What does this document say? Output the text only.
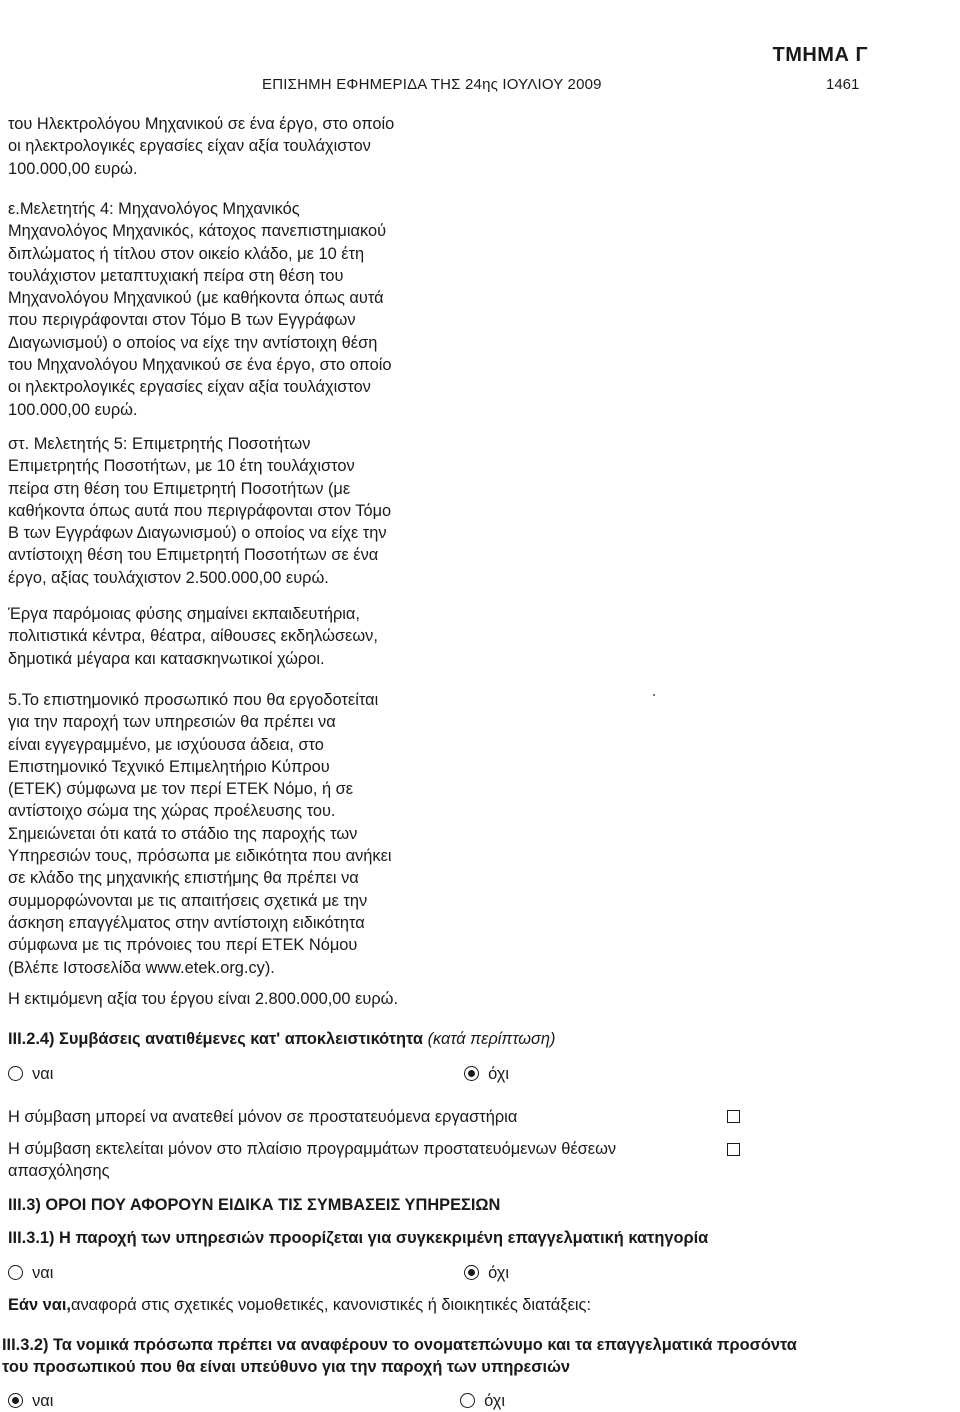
ΤΜΗΜΑ Γ
ΕΠΙΣΗΜΗ ΕΦΗΜΕΡΙΔΑ ΤΗΣ 24ης ΙΟΥΛΙΟΥ 2009	1461
του Ηλεκτρολόγου Μηχανικού σε ένα έργο, στο οποίο
οι ηλεκτρολογικές εργασίες είχαν αξία τουλάχιστον
100.000,00 ευρώ.
ε.Μελετητής 4: Μηχανολόγος Μηχανικός
Μηχανολόγος Μηχανικός, κάτοχος πανεπιστημιακού
διπλώματος ή τίτλου στον οικείο κλάδο, με 10 έτη
τουλάχιστον μεταπτυχιακή πείρα στη θέση του
Μηχανολόγου Μηχανικού (με καθήκοντα όπως αυτά
που περιγράφονται στον Τόμο Β των Εγγράφων
Διαγωνισμού) ο οποίος να είχε την αντίστοιχη θέση
του Μηχανολόγου Μηχανικού σε ένα έργο, στο οποίο
οι ηλεκτρολογικές εργασίες είχαν αξία τουλάχιστον
100.000,00 ευρώ.
στ. Μελετητής 5: Επιμετρητής Ποσοτήτων
Επιμετρητής Ποσοτήτων, με 10 έτη τουλάχιστον
πείρα στη θέση του Επιμετρητή Ποσοτήτων (με
καθήκοντα όπως αυτά που περιγράφονται στον Τόμο
Β των Εγγράφων Διαγωνισμού) ο οποίος να είχε την
αντίστοιχη θέση του Επιμετρητή Ποσοτήτων σε ένα
έργο, αξίας τουλάχιστον 2.500.000,00 ευρώ.
Έργα παρόμοιας φύσης σημαίνει εκπαιδευτήρια,
πολιτιστικά κέντρα, θέατρα, αίθουσες εκδηλώσεων,
δημοτικά μέγαρα και κατασκηνωτικοί χώροι.
5.Το επιστημονικό προσωπικό που θα εργοδοτείται
για την παροχή των υπηρεσιών θα πρέπει να
είναι εγγεγραμμένο, με ισχύουσα άδεια, στο
Επιστημονικό Τεχνικό Επιμελητήριο Κύπρου
(ΕΤΕΚ) σύμφωνα με τον περί ΕΤΕΚ Νόμο, ή σε
αντίστοιχο σώμα της χώρας προέλευσης του.
Σημειώνεται ότι κατά το στάδιο της παροχής των
Υπηρεσιών τους, πρόσωπα με ειδικότητα που ανήκει
σε κλάδο της μηχανικής επιστήμης θα πρέπει να
συμμορφώνονται με τις απαιτήσεις σχετικά με την
άσκηση επαγγέλματος στην αντίστοιχη ειδικότητα
σύμφωνα με τις πρόνοιες του περί ΕΤΕΚ Νόμου
(Βλέπε Ιστοσελίδα www.etek.org.cy).
Η εκτιμόμενη αξία του έργου είναι 2.800.000,00 ευρώ.
ΙΙΙ.2.4) Συμβάσεις ανατιθέμενες κατ' αποκλειστικότητα (κατά περίπτωση)
ναι	όχι
Η σύμβαση μπορεί να ανατεθεί μόνον σε προστατευόμενα εργαστήρια
Η σύμβαση εκτελείται μόνον στο πλαίσιο προγραμμάτων προστατευόμενων θέσεων
απασχόλησης
ΙΙΙ.3) ΟΡΟΙ ΠΟΥ ΑΦΟΡΟΥΝ ΕΙΔΙΚΑ ΤΙΣ ΣΥΜΒΑΣΕΙΣ ΥΠΗΡΕΣΙΩΝ
ΙΙΙ.3.1) Η παροχή των υπηρεσιών προορίζεται για συγκεκριμένη επαγγελματική κατηγορία
ναι	όχι
Εάν ναι,αναφορά στις σχετικές νομοθετικές, κανονιστικές ή διοικητικές διατάξεις:
ΙΙΙ.3.2) Τα νομικά πρόσωπα πρέπει να αναφέρουν το ονοματεπώνυμο και τα επαγγελματικά προσόντα
του προσωπικού που θα είναι υπεύθυνο για την παροχή των υπηρεσιών
ναι	όχι
